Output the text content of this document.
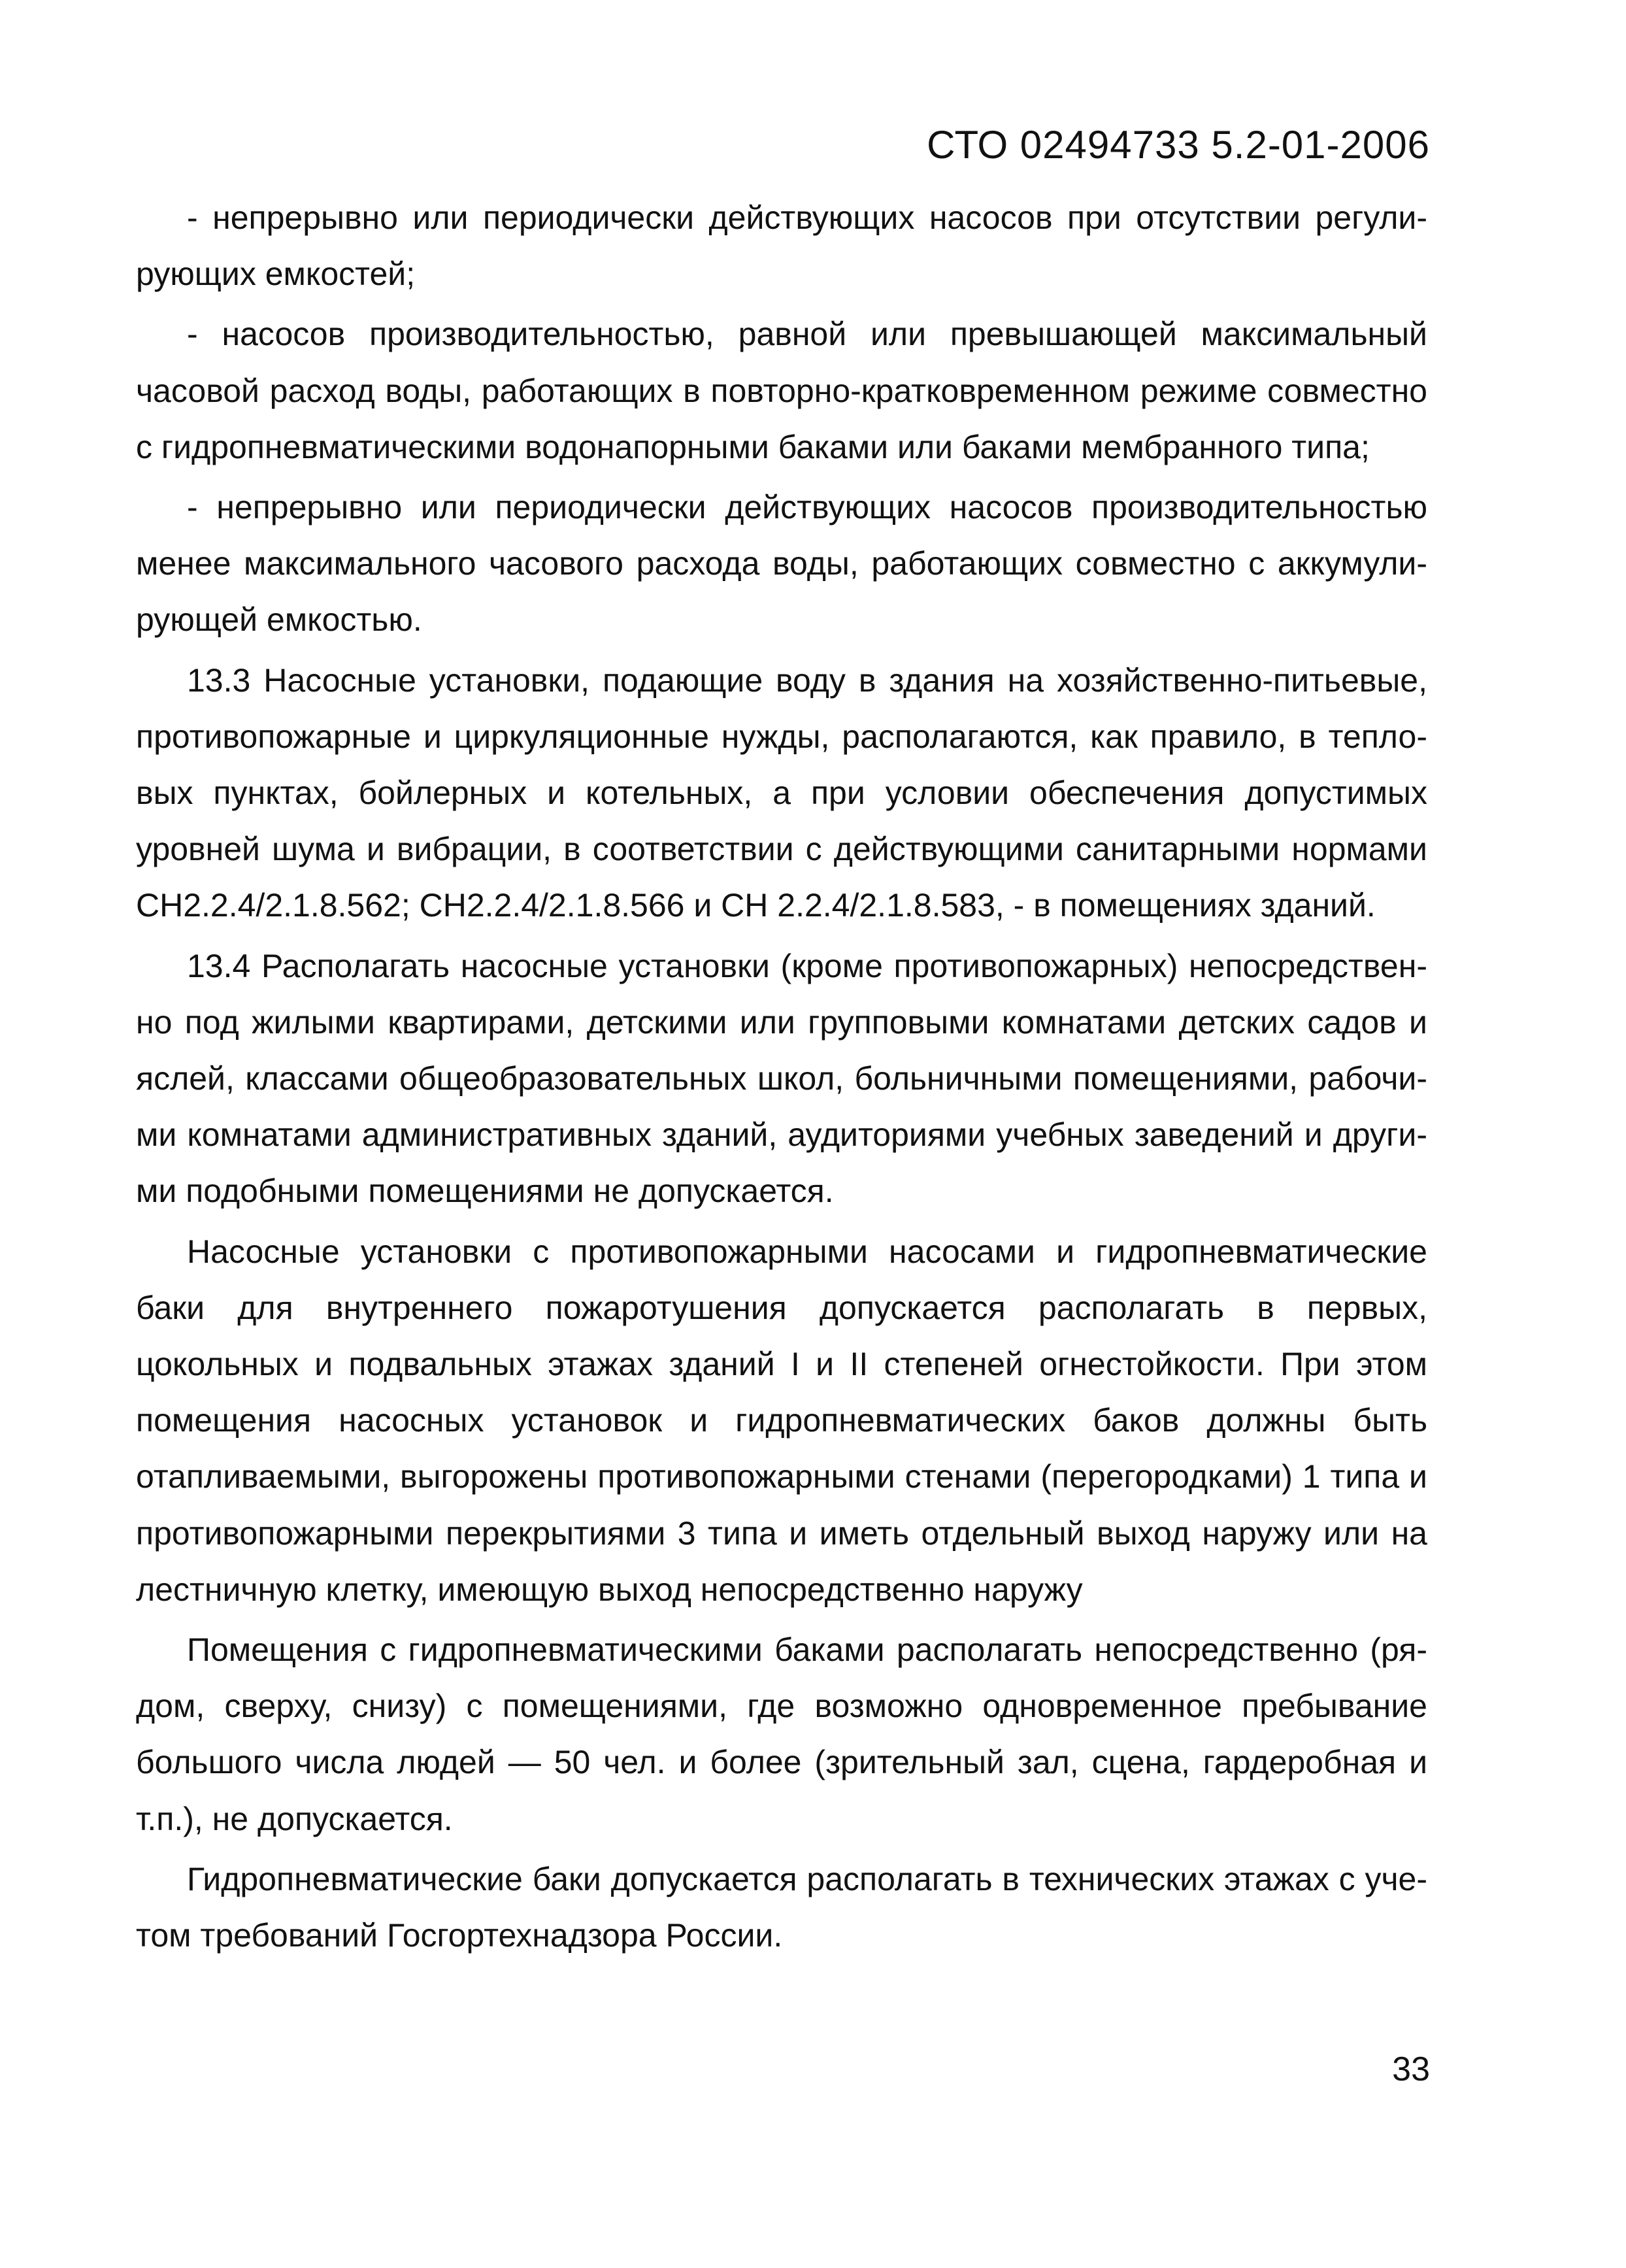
СТО 02494733 5.2-01-2006

- непрерывно или периодически действующих насосов при отсутствии регулирующих емкостей;

- насосов производительностью, равной или превышающей максимальный часовой расход воды, работающих в повторно-кратковременном режиме совместно с гидропневматическими водонапорными баками или баками мембранного типа;

- непрерывно или периодически действующих насосов производительностью менее максимального часового расхода воды, работающих совместно с аккумулирующей емкостью.

13.3 Насосные установки, подающие воду в здания на хозяйственно-питьевые, противопожарные и циркуляционные нужды, располагаются, как правило, в тепловых пунктах, бойлерных и котельных, а при условии обеспечения допустимых уровней шума и вибрации, в соответствии с действующими санитарными нормами СН2.2.4/2.1.8.562; СН2.2.4/2.1.8.566 и СН 2.2.4/2.1.8.583, - в помещениях зданий.

13.4 Располагать насосные установки (кроме противопожарных) непосредственно под жилыми квартирами, детскими или групповыми комнатами детских садов и яслей, классами общеобразовательных школ, больничными помещениями, рабочими комнатами административных зданий, аудиториями учебных заведений и другими подобными помещениями не допускается.

Насосные установки с противопожарными насосами и гидропневматические баки для внутреннего пожаротушения допускается располагать в первых, цокольных и подвальных этажах зданий I и II степеней огнестойкости. При этом помещения насосных установок и гидропневматических баков должны быть отапливаемыми, выгорожены противопожарными стенами (перегородками) 1 типа и противопожарными перекрытиями 3 типа и иметь отдельный выход наружу или на лестничную клетку, имеющую выход непосредственно наружу

Помещения с гидропневматическими баками располагать непосредственно (рядом, сверху, снизу) с помещениями, где возможно одновременное пребывание большого числа людей — 50 чел. и более (зрительный зал, сцена, гардеробная и т.п.), не допускается.

Гидропневматические баки допускается располагать в технических этажах с учетом требований Госгортехнадзора России.

33
